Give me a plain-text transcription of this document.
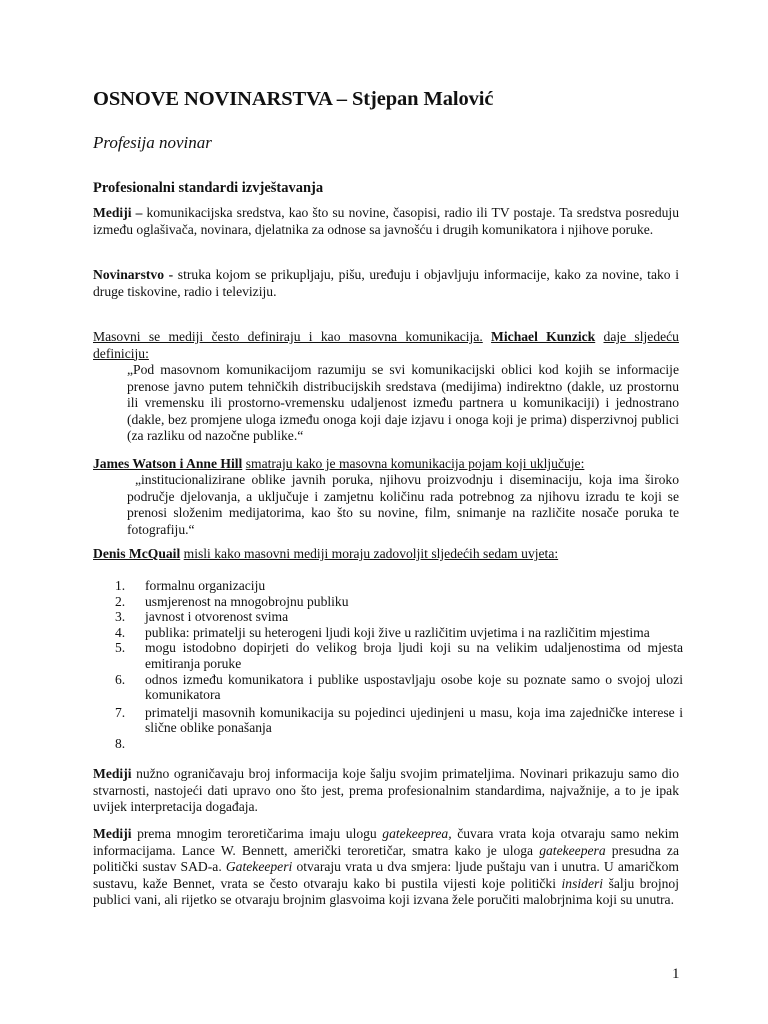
OSNOVE NOVINARSTVA – Stjepan Malović
Profesija novinar
Profesionalni standardi izvještavanja
Mediji – komunikacijska sredstva, kao što su novine, časopisi, radio ili TV postaje. Ta sredstva posreduju između oglašivača, novinara, djelatnika za odnose sa javnošću i drugih komunikatora i njihove poruke.
Novinarstvo - struka kojom se prikupljaju, pišu, uređuju i objavljuju informacije, kako za novine, tako i druge tiskovine, radio i televiziju.
Masovni se mediji često definiraju i kao masovna komunikacija. Michael Kunzick daje sljedeću definiciju:
„Pod masovnom komunikacijom razumiju se svi komunikacijski oblici kod kojih se informacije prenose javno putem tehničkih distribucijskih sredstava (medijima) indirektno (dakle, uz prostornu ili vremensku ili prostorno-vremensku udaljenost između partnera u komunikaciji) i jednostrano (dakle, bez promjene uloga između onoga koji daje izjavu i onoga koji je prima) disperzivnoj publici (za razliku od nazočne publike.“
James Watson i Anne Hill smatraju kako je masovna komunikacija pojam koji uključuje:
„institucionalizirane oblike javnih poruka, njihovu proizvodnju i diseminaciju, koja ima široko područje djelovanja, a uključuje i zamjetnu količinu rada potrebnog za njihovu izradu te koji se prenosi složenim medijatorima, kao što su novine, film, snimanje na različite nosače poruka te fotografiju.“
Denis McQuail misli kako masovni mediji moraju zadovoljit sljedećih sedam uvjeta:
1. formalnu organizaciju
2. usmjerenost na mnogobrojnu publiku
3. javnost i otvorenost svima
4. publika: primatelji su heterogeni ljudi koji žive u različitim uvjetima i na različitim mjestima
5. mogu istodobno dopirjeti do velikog broja ljudi koji su na velikim udaljenostima od mjesta emitiranja poruke
6. odnos između komunikatora i publike uspostavljaju osobe koje su poznate samo o svojoj ulozi komunikatora
7. primatelji masovnih komunikacija su pojedinci ujedinjeni u masu, koja ima zajedničke interese i slične oblike ponašanja
8.

Mediji nužno ograničavaju broj informacija koje šalju svojim primateljima. Novinari prikazuju samo dio stvarnosti, nastojeći dati upravo ono što jest, prema profesionalnim standardima, najvažnije, a to je ipak uvijek interpretacija događaja.
Mediji prema mnogim teroretičarima imaju ulogu gatekeeprea, čuvara vrata koja otvaraju samo nekim informacijama. Lance W. Bennett, američki teroretičar, smatra kako je uloga gatekeepera presudna za politički sustav SAD-a. Gatekeeperi otvaraju vrata u dva smjera: ljude puštaju van i unutra. U amaričkom sustavu, kaže Bennet, vrata se često otvaraju kako bi pustila vijesti koje politički insideri šalju brojnoj publici vani, ali rijetko se otvaraju brojnim glasvoima koji izvana žele poručiti malobrjnima koji su unutra.
1
